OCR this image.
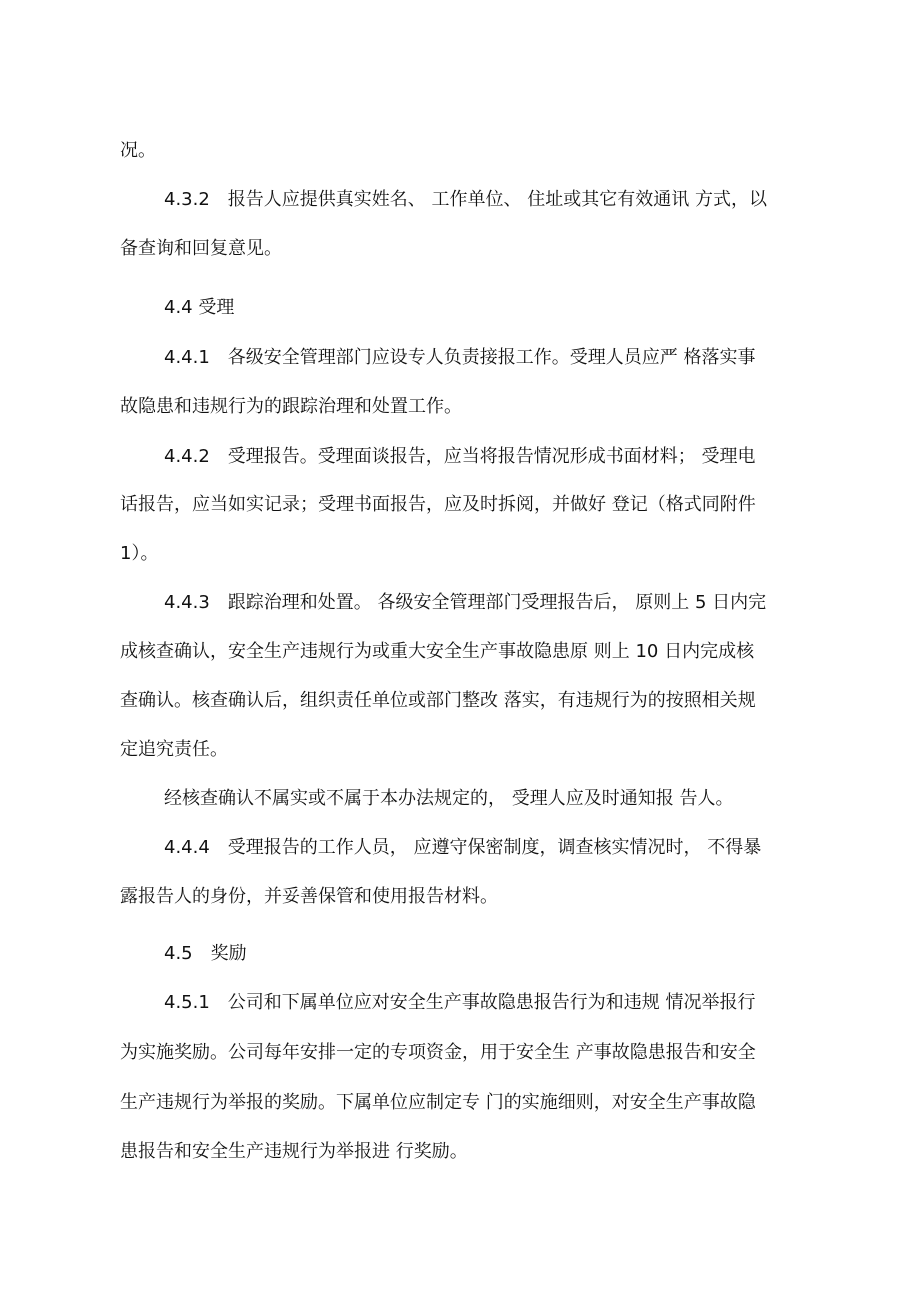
况。
4.3.2　报告人应提供真实姓名、 工作单位、 住址或其它有效通讯 方式，以
备查询和回复意见。
4.4 受理
4.4.1　各级安全管理部门应设专人负责接报工作。受理人员应严 格落实事
故隐患和违规行为的跟踪治理和处置工作。
4.4.2　受理报告。受理面谈报告，应当将报告情况形成书面材料； 受理电
话报告，应当如实记录；受理书面报告，应及时拆阅，并做好 登记（格式同附件
1）。
4.4.3　跟踪治理和处置。 各级安全管理部门受理报告后， 原则上 5 日内完
成核查确认，安全生产违规行为或重大安全生产事故隐患原 则上 10 日内完成核
查确认。核查确认后，组织责任单位或部门整改 落实，有违规行为的按照相关规
定追究责任。
经核查确认不属实或不属于本办法规定的， 受理人应及时通知报 告人。
4.4.4　受理报告的工作人员， 应遵守保密制度，调查核实情况时， 不得暴
露报告人的身份，并妥善保管和使用报告材料。
4.5　奖励
4.5.1　公司和下属单位应对安全生产事故隐患报告行为和违规 情况举报行
为实施奖励。公司每年安排一定的专项资金，用于安全生 产事故隐患报告和安全
生产违规行为举报的奖励。下属单位应制定专 门的实施细则，对安全生产事故隐
患报告和安全生产违规行为举报进 行奖励。
